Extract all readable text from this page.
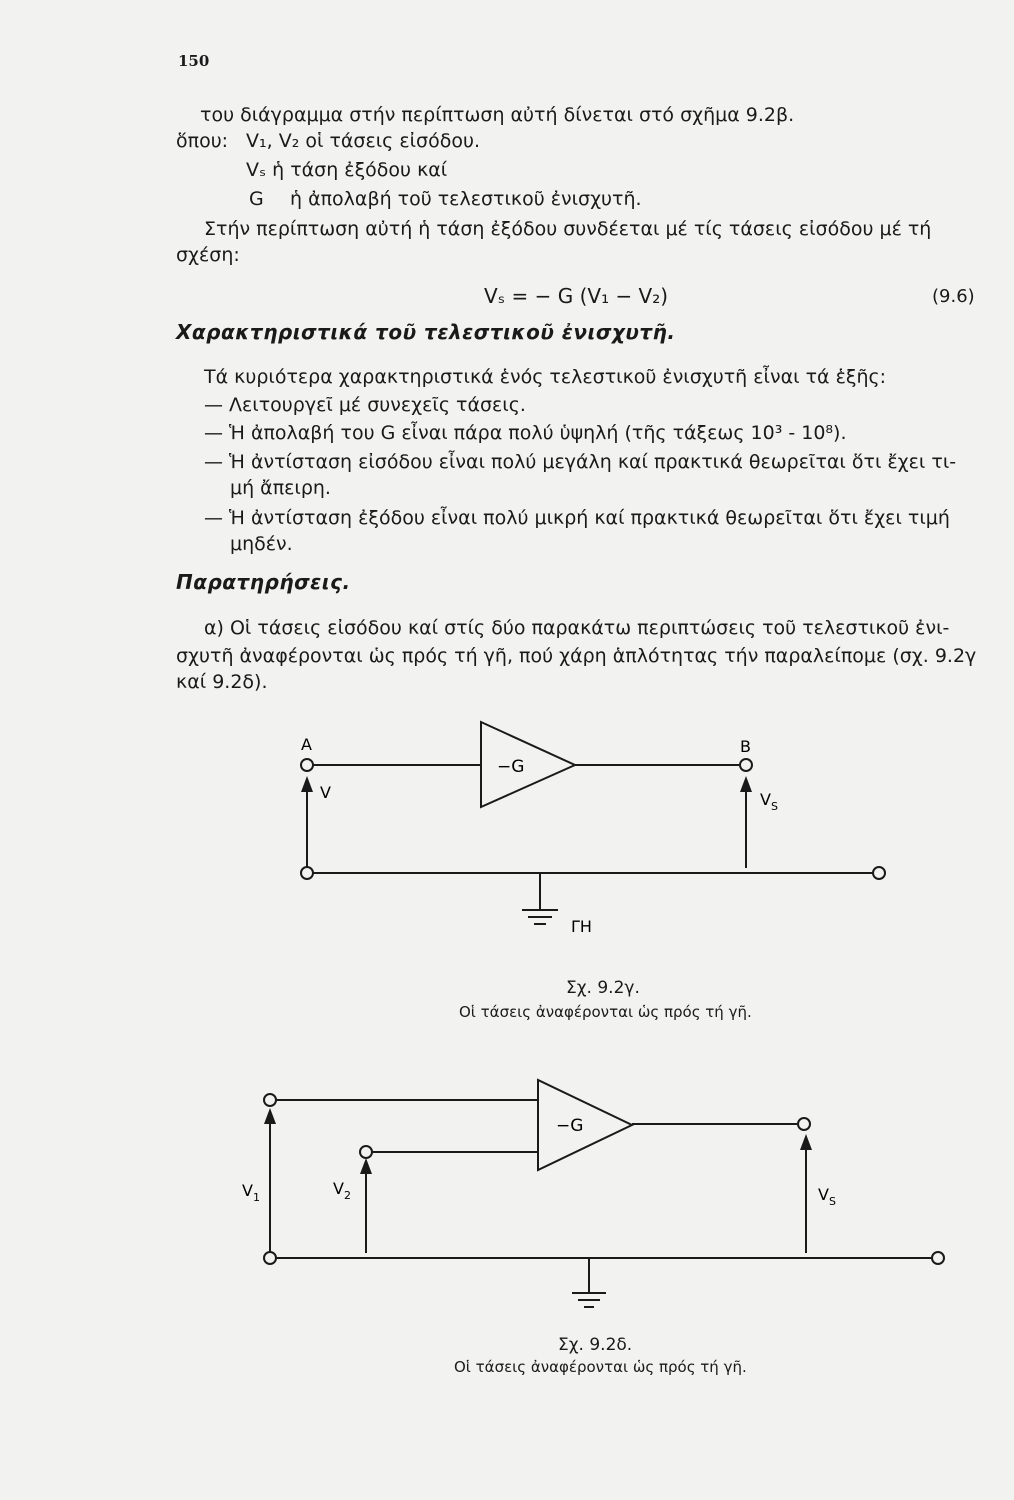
150
του διάγραμμα στήν περίπτωση αὐτή δίνεται στό σχῆμα 9.2β.
ὅπου: V₁, V₂ οἱ τάσεις εἰσόδου.
Vₛ ἡ τάση ἐξόδου καί
G ἡ ἀπολαβή τοῦ τελεστικοῦ ἐνισχυτῆ.
Στήν περίπτωση αὐτή ἡ τάση ἐξόδου συνδέεται μέ τίς τάσεις εἰσόδου μέ τή
σχέση:
Vₛ = − G (V₁ − V₂)	(9.6)
Χαρακτηριστικά τοῦ τελεστικοῦ ἐνισχυτῆ.
Τά κυριότερα χαρακτηριστικά ἑνός τελεστικοῦ ἐνισχυτῆ εἶναι τά ἑξῆς:
— Λειτουργεῖ μέ συνεχεῖς τάσεις.
— Ἡ ἀπολαβή του G εἶναι πάρα πολύ ὑψηλή (τῆς τάξεως 10³ - 10⁸).
— Ἡ ἀντίσταση εἰσόδου εἶναι πολύ μεγάλη καί πρακτικά θεωρεῖται ὅτι ἔχει τι-
μή ἄπειρη.
— Ἡ ἀντίσταση ἐξόδου εἶναι πολύ μικρή καί πρακτικά θεωρεῖται ὅτι ἔχει τιμή
μηδέν.
Παρατηρήσεις.
α) Οἱ τάσεις εἰσόδου καί στίς δύο παρακάτω περιπτώσεις τοῦ τελεστικοῦ ἐνι-
σχυτῆ ἀναφέρονται ὡς πρός τή γῆ, πού χάρη ἁπλότητας τήν παραλείπομε (σχ. 9.2γ
καί 9.2δ).
A	B
−G
V	$V_S$
ΓΗ
Σχ. 9.2γ.
Οἱ τάσεις ἀναφέρονται ὡς πρός τή γῆ.
−G
$V_1$	$V_2$	$V_S$
Σχ. 9.2δ.
Οἱ τάσεις ἀναφέρονται ὡς πρός τή γῆ.
